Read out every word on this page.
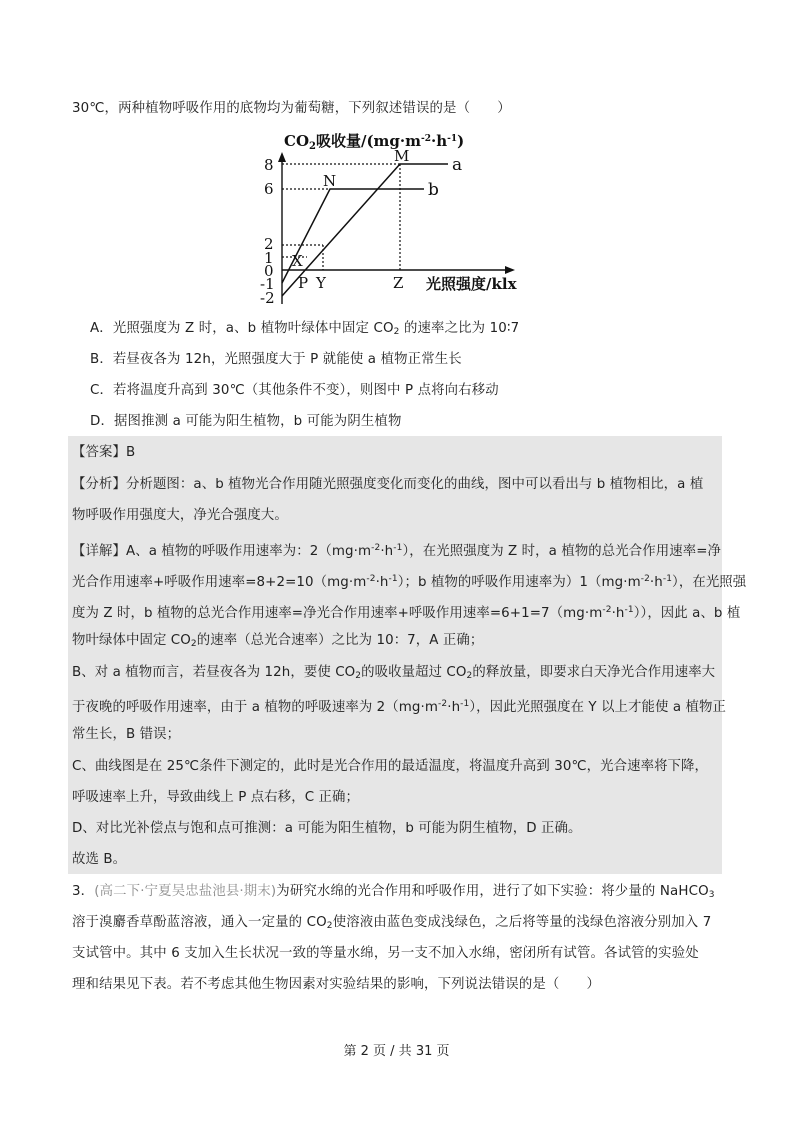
30℃，两种植物呼吸作用的底物均为葡萄糖，下列叙述错误的是（　　）
$CO_2$吸收量$/(mg\cdot m^{-2}\cdot h^{-1})$
8
6
2
1
0
-1
-2
M
N
X
a
b
P Y	Z 光照强度/klx
A．光照强度为 Z 时，a、b 植物叶绿体中固定 $CO_2$ 的速率之比为 10∶7
B．若昼夜各为 12h，光照强度大于 P 就能使 a 植物正常生长
C．若将温度升高到 30℃（其他条件不变），则图中 P 点将向右移动
D．据图推测 a 可能为阳生植物，b 可能为阴生植物
【答案】B
【分析】分析题图：a、b 植物光合作用随光照强度变化而变化的曲线，图中可以看出与 b 植物相比，a 植
物呼吸作用强度大，净光合强度大。
【详解】A、a 植物的呼吸作用速率为：$2(mg\cdot m^{-2}\cdot h^{-1})$，在光照强度为 Z 时，a 植物的总光合作用速率=净
光合作用速率+呼吸作用速率$=8+2=10(mg\cdot m^{-2}\cdot h^{-1})$；b 植物的呼吸作用速率为）$1(mg\cdot m^{-2}\cdot h^{-1})$，在光照强
度为 Z 时，b 植物的总光合作用速率=净光合作用速率+呼吸作用速率$=6+1=7(mg\cdot m^{-2}\cdot h^{-1})$），因此 a、b 植
物叶绿体中固定 $CO_2$的速率（总光合速率）之比为 10：7，A 正确；
B、对 a 植物而言，若昼夜各为 12h，要使 $CO_2$的吸收量超过 $CO_2$的释放量，即要求白天净光合作用速率大
于夜晚的呼吸作用速率，由于 a 植物的呼吸速率为 $2(mg\cdot m^{-2}\cdot h^{-1})$，因此光照强度在 Y 以上才能使 a 植物正
常生长，B 错误；
C、曲线图是在 25℃条件下测定的，此时是光合作用的最适温度，将温度升高到 30℃，光合速率将下降，
呼吸速率上升，导致曲线上 P 点右移，C 正确；
D、对比光补偿点与饱和点可推测：a 可能为阳生植物，b 可能为阴生植物，D 正确。
故选 B。
3．(高二下·宁夏吴忠盐池县·期末)为研究水绵的光合作用和呼吸作用，进行了如下实验：将少量的 NaHCO$_3$
溶于溴麝香草酚蓝溶液，通入一定量的 $CO_2$使溶液由蓝色变成浅绿色，之后将等量的浅绿色溶液分别加入 7
支试管中。其中 6 支加入生长状况一致的等量水绵，另一支不加入水绵，密闭所有试管。各试管的实验处
理和结果见下表。若不考虑其他生物因素对实验结果的影响，下列说法错误的是（　　）
第 2 页 / 共 31 页
